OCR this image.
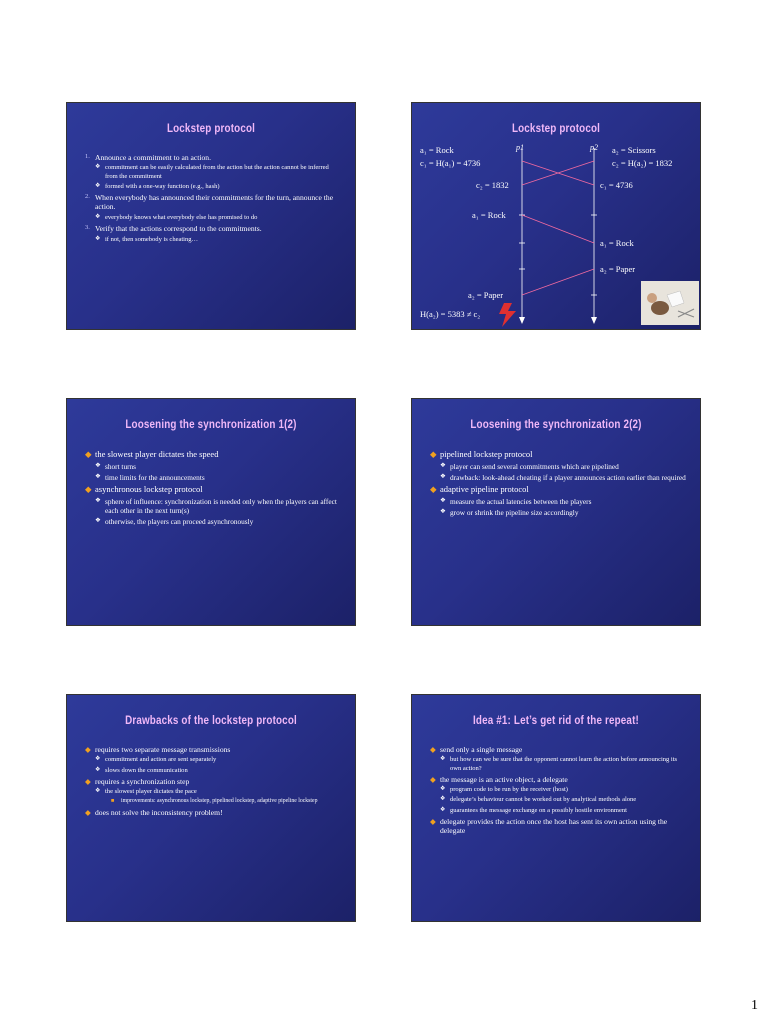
Lockstep protocol
1. Announce a commitment to an action.
❖ commitment can be easily calculated from the action but the action cannot be inferred from the commitment
❖ formed with a one-way function (e.g., hash)
2. When everybody has announced their commitments for the turn, announce the action.
❖ everybody knows what everybody else has promised to do
3. Verify that the actions correspond to the commitments.
❖ if not, then somebody is cheating…
Lockstep protocol
p1	p2
a₁ = Rock
c₁ = H(a₁) = 4736
a₂ = Scissors
c₂ = H(a₂) = 1832
c₂ = 1832	c₁ = 4736
a₁ = Rock
a₁ = Rock
a₂ = Paper
a₂ = Paper
H(a₂) = 5383 ≠ c₂
Loosening the synchronization 1(2)
◆ the slowest player dictates the speed
❖ short turns
❖ time limits for the announcements
◆ asynchronous lockstep protocol
❖ sphere of influence: synchronization is needed only when the players can affect each other in the next turn(s)
❖ otherwise, the players can proceed asynchronously
Loosening the synchronization 2(2)
◆ pipelined lockstep protocol
❖ player can send several commitments which are pipelined
❖ drawback: look-ahead cheating if a player announces action earlier than required
◆ adaptive pipeline protocol
❖ measure the actual latencies between the players
❖ grow or shrink the pipeline size accordingly
Drawbacks of the lockstep protocol
◆ requires two separate message transmissions
❖ commitment and action are sent separately
❖ slows down the communication
◆ requires a synchronization step
❖ the slowest player dictates the pace
■ improvements: asynchronous lockstep, pipelined lockstep, adaptive pipeline lockstep
◆ does not solve the inconsistency problem!
Idea #1: Let’s get rid of the repeat!
◆ send only a single message
❖ but how can we be sure that the opponent cannot learn the action before announcing its own action?
◆ the message is an active object, a delegate
❖ program code to be run by the receiver (host)
❖ delegate’s behaviour cannot be worked out by analytical methods alone
❖ guarantees the message exchange on a possibly hostile environment
◆ delegate provides the action once the host has sent its own action using the delegate
1
